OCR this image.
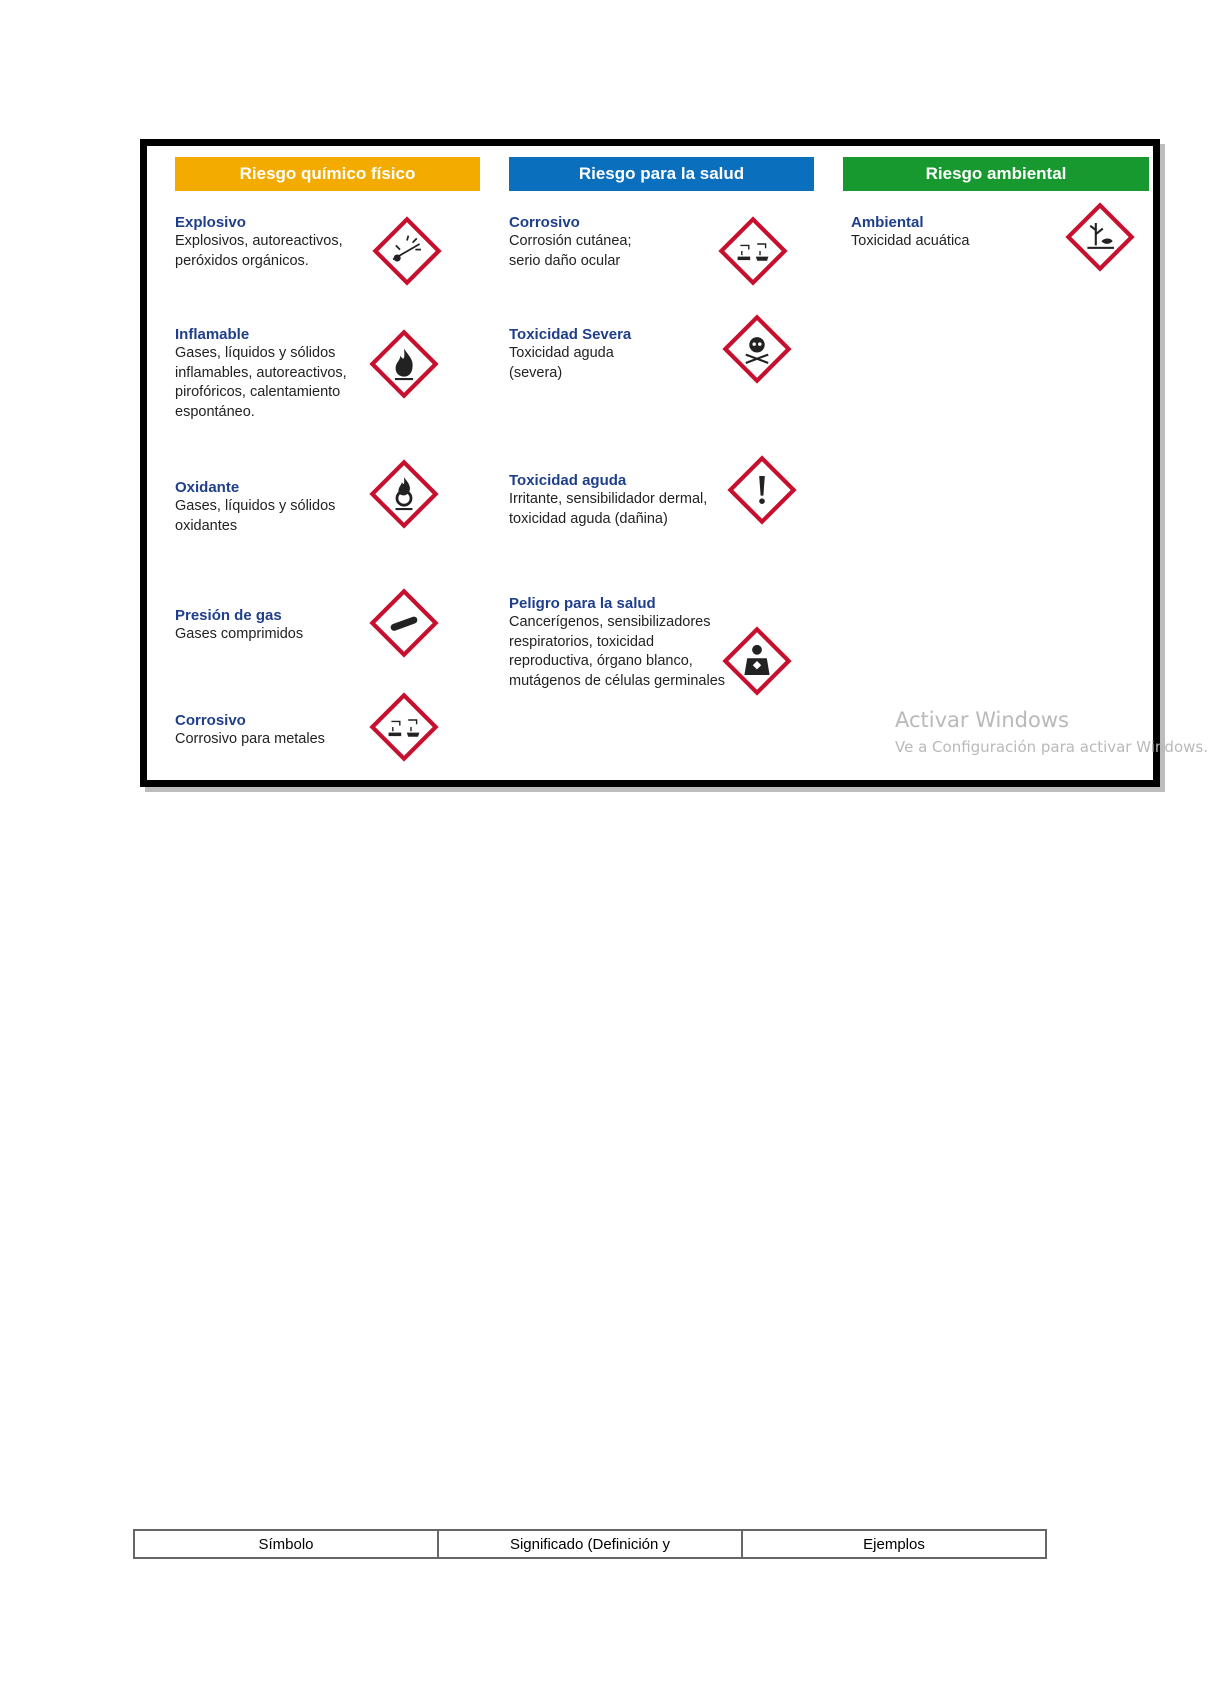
Riesgo químico físico	Riesgo para la salud	Riesgo ambiental
Explosivo
Explosivos, autoreactivos,
peróxidos orgánicos.
Inflamable
Gases, líquidos y sólidos
inflamables, autoreactivos,
pirofóricos, calentamiento
espontáneo.
Oxidante
Gases, líquidos y sólidos
oxidantes
Presión de gas
Gases comprimidos
Corrosivo
Corrosivo para metales
Corrosivo
Corrosión cutánea;
serio daño ocular
Toxicidad Severa
Toxicidad aguda
(severa)
Toxicidad aguda
Irritante, sensibilidador dermal,
toxicidad aguda (dañina)
Peligro para la salud
Cancerígenos, sensibilizadores
respiratorios, toxicidad
reproductiva, órgano blanco,
mutágenos de células germinales
Ambiental
Toxicidad acuática
Activar Windows
Ve a Configuración para activar Windows.
Símbolo	Significado (Definición y	Ejemplos
